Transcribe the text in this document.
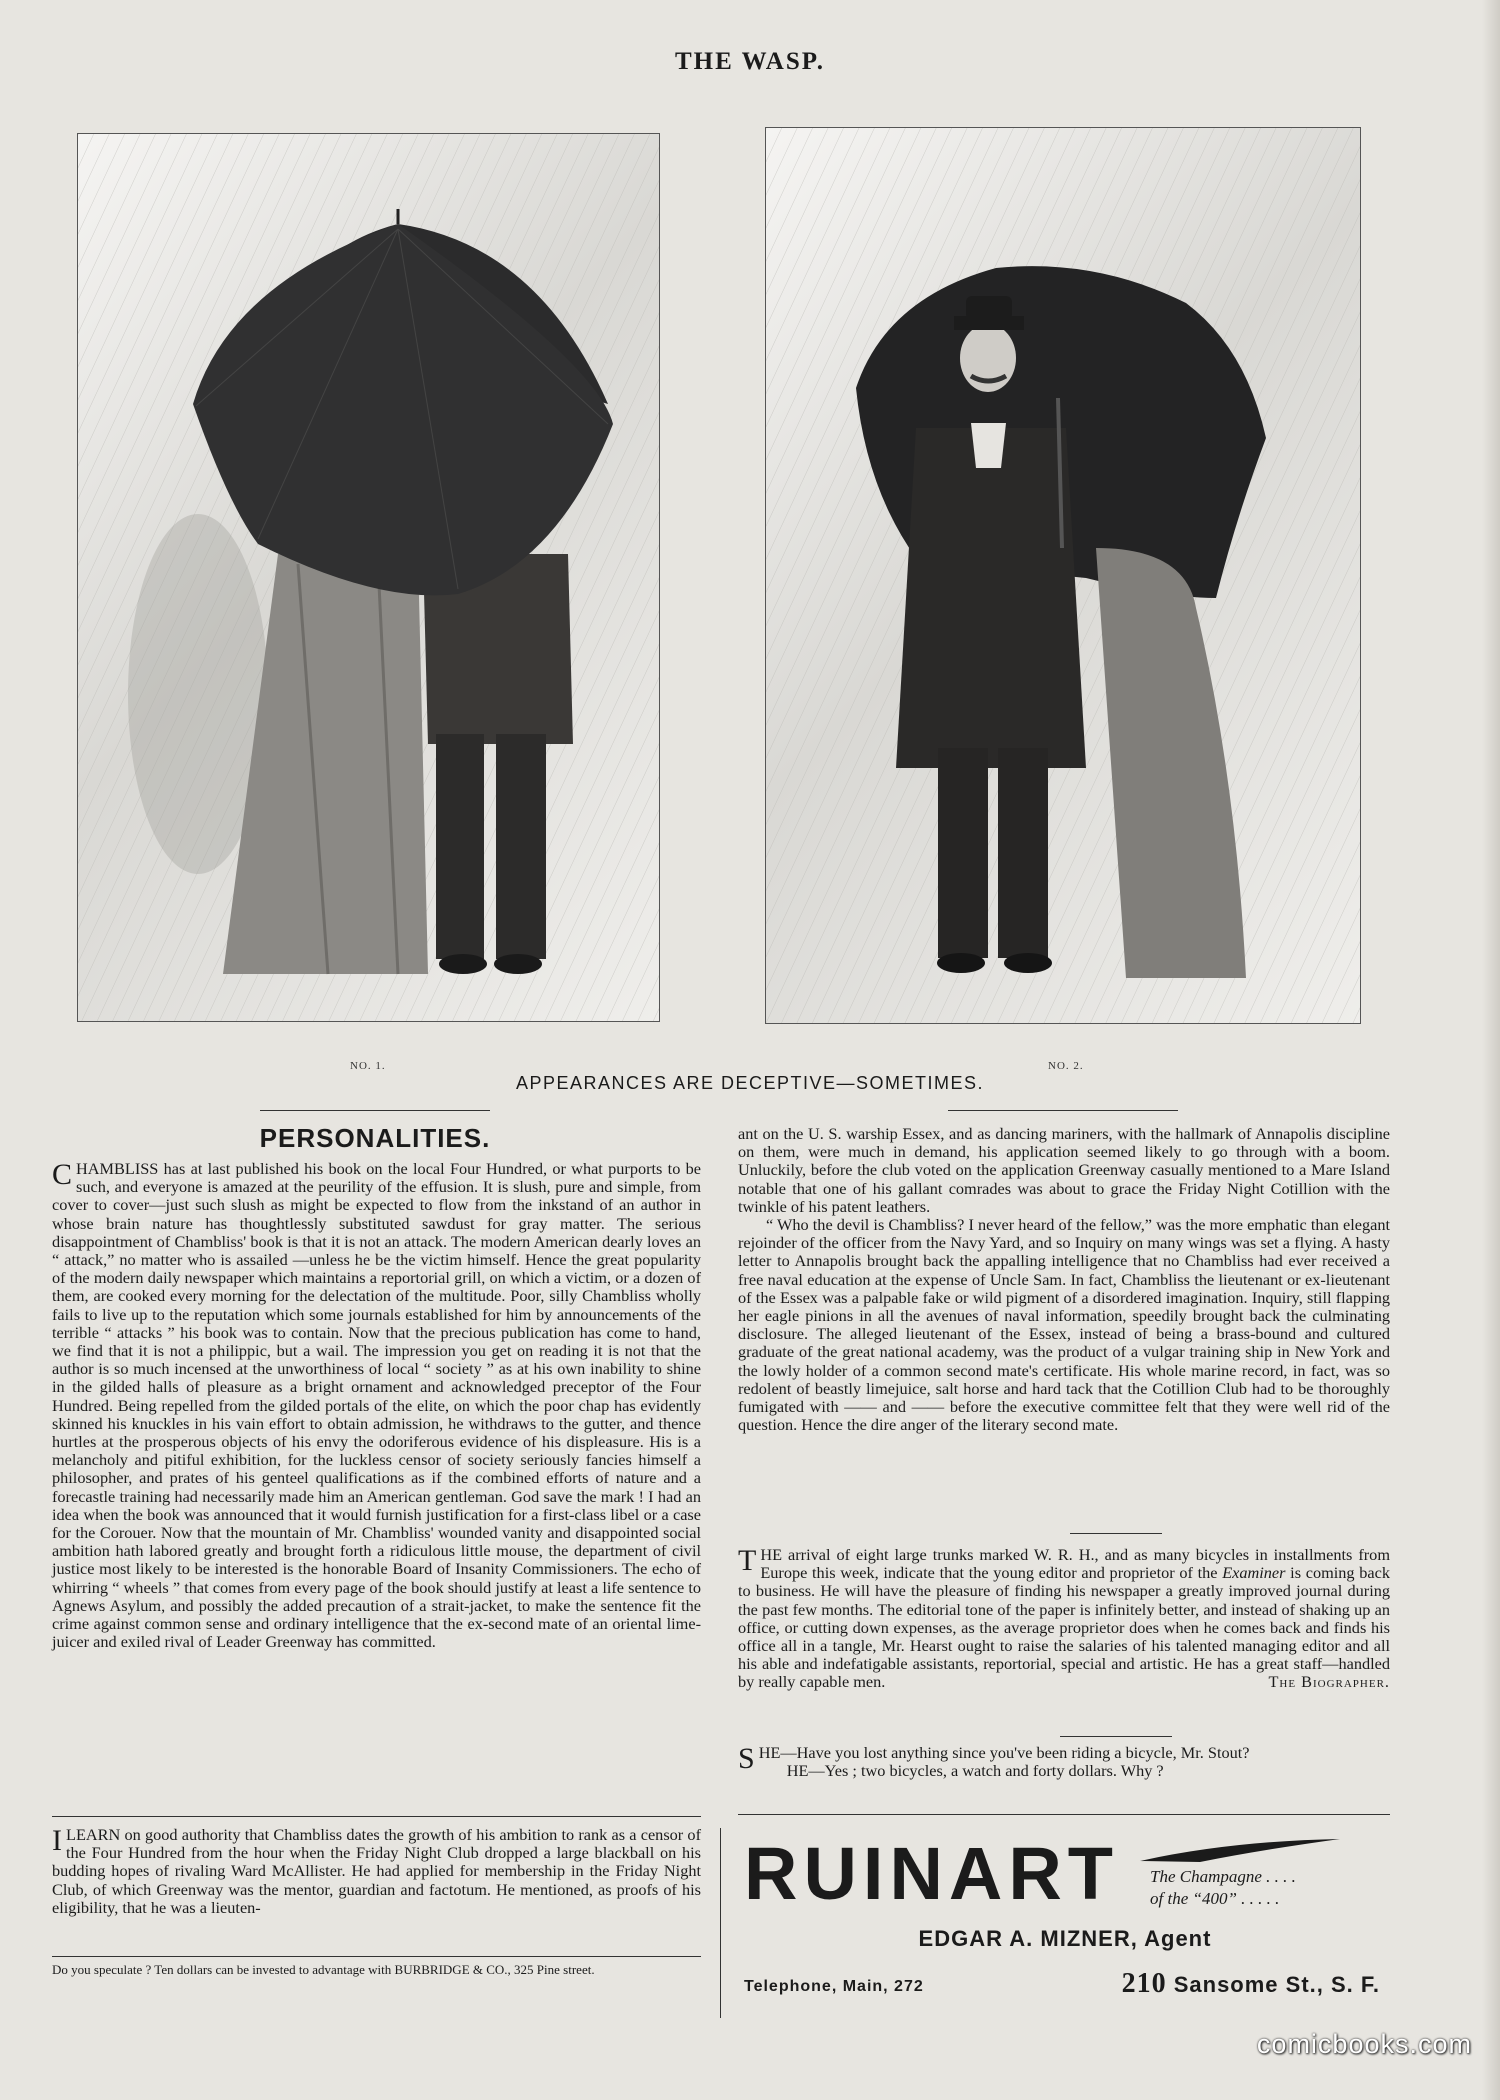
THE WASP.
NO. 1.	NO. 2.
APPEARANCES ARE DECEPTIVE—SOMETIMES.
PERSONALITIES.

CHAMBLISS has at last published his book on the local Four Hundred, or what purports to be such, and everyone is amazed at the peurility of the effusion. It is slush, pure and simple, from cover to cover—just such slush as might be expected to flow from the inkstand of an author in whose brain nature has thoughtlessly substituted sawdust for gray matter. The serious disappointment of Chambliss' book is that it is not an attack. The modern American dearly loves an “ attack,” no matter who is assailed —unless he be the victim himself. Hence the great popularity of the modern daily newspaper which maintains a reportorial grill, on which a victim, or a dozen of them, are cooked every morning for the delectation of the multitude. Poor, silly Chambliss wholly fails to live up to the reputation which some journals established for him by announcements of the terrible “ attacks ” his book was to contain. Now that the precious publication has come to hand, we find that it is not a philippic, but a wail. The impression you get on reading it is not that the author is so much incensed at the unworthiness of local “ society ” as at his own inability to shine in the gilded halls of pleasure as a bright ornament and acknowledged preceptor of the Four Hundred. Being repelled from the gilded portals of the elite, on which the poor chap has evidently skinned his knuckles in his vain effort to obtain admission, he withdraws to the gutter, and thence hurtles at the prosperous objects of his envy the odoriferous evidence of his displeasure. His is a melancholy and pitiful exhibition, for the luckless censor of society seriously fancies himself a philosopher, and prates of his genteel qualifications as if the combined efforts of nature and a forecastle training had necessarily made him an American gentleman. God save the mark ! I had an idea when the book was announced that it would furnish justification for a first-class libel or a case for the Corouer. Now that the mountain of Mr. Chambliss' wounded vanity and disappointed social ambition hath labored greatly and brought forth a ridiculous little mouse, the department of civil justice most likely to be interested is the honorable Board of Insanity Commissioners. The echo of whirring “ wheels ” that comes from every page of the book should justify at least a life sentence to Agnews Asylum, and possibly the added precaution of a strait-jacket, to make the sentence fit the crime against common sense and ordinary intelligence that the ex-second mate of an oriental lime-juicer and exiled rival of Leader Greenway has committed.

ILEARN on good authority that Chambliss dates the growth of his ambition to rank as a censor of the Four Hundred from the hour when the Friday Night Club dropped a large blackball on his budding hopes of rivaling Ward McAllister. He had applied for membership in the Friday Night Club, of which Greenway was the mentor, guardian and factotum. He mentioned, as proofs of his eligibility, that he was a lieuten-

Do you speculate ? Ten dollars can be invested to advantage with BURBRIDGE & CO., 325 Pine street.

ant on the U. S. warship Essex, and as dancing mariners, with the hallmark of Annapolis discipline on them, were much in demand, his application seemed likely to go through with a boom. Unluckily, before the club voted on the application Greenway casually mentioned to a Mare Island notable that one of his gallant comrades was about to grace the Friday Night Cotillion with the twinkle of his patent leathers.

“ Who the devil is Chambliss? I never heard of the fellow,” was the more emphatic than elegant rejoinder of the officer from the Navy Yard, and so Inquiry on many wings was set a flying. A hasty letter to Annapolis brought back the appalling intelligence that no Chambliss had ever received a free naval education at the expense of Uncle Sam. In fact, Chambliss the lieutenant or ex-lieutenant of the Essex was a palpable fake or wild pigment of a disordered imagination. Inquiry, still flapping her eagle pinions in all the avenues of naval information, speedily brought back the culminating disclosure. The alleged lieutenant of the Essex, instead of being a brass-bound and cultured graduate of the great national academy, was the product of a vulgar training ship in New York and the lowly holder of a common second mate's certificate. His whole marine record, in fact, was so redolent of beastly limejuice, salt horse and hard tack that the Cotillion Club had to be thoroughly fumigated with —— and —— before the executive committee felt that they were well rid of the question. Hence the dire anger of the literary second mate.

THE arrival of eight large trunks marked W. R. H., and as many bicycles in installments from Europe this week, indicate that the young editor and proprietor of the Examiner is coming back to business. He will have the pleasure of finding his newspaper a greatly improved journal during the past few months. The editorial tone of the paper is infinitely better, and instead of shaking up an office, or cutting down expenses, as the average proprietor does when he comes back and finds his office all in a tangle, Mr. Hearst ought to raise the salaries of his talented managing editor and all his able and indefatigable assistants, reportorial, special and artistic. He has a great staff—handled by really capable men.	The Biographer.

SHE—Have you lost anything since you've been riding a bicycle, Mr. Stout?

HE—Yes ; two bicycles, a watch and forty dollars. Why ?

RUINART The Champagne . . . .
of the “400” . . . . .
EDGAR A. MIZNER, Agent
Telephone, Main, 272	210 Sansome St., S. F.
comicbooks.com
